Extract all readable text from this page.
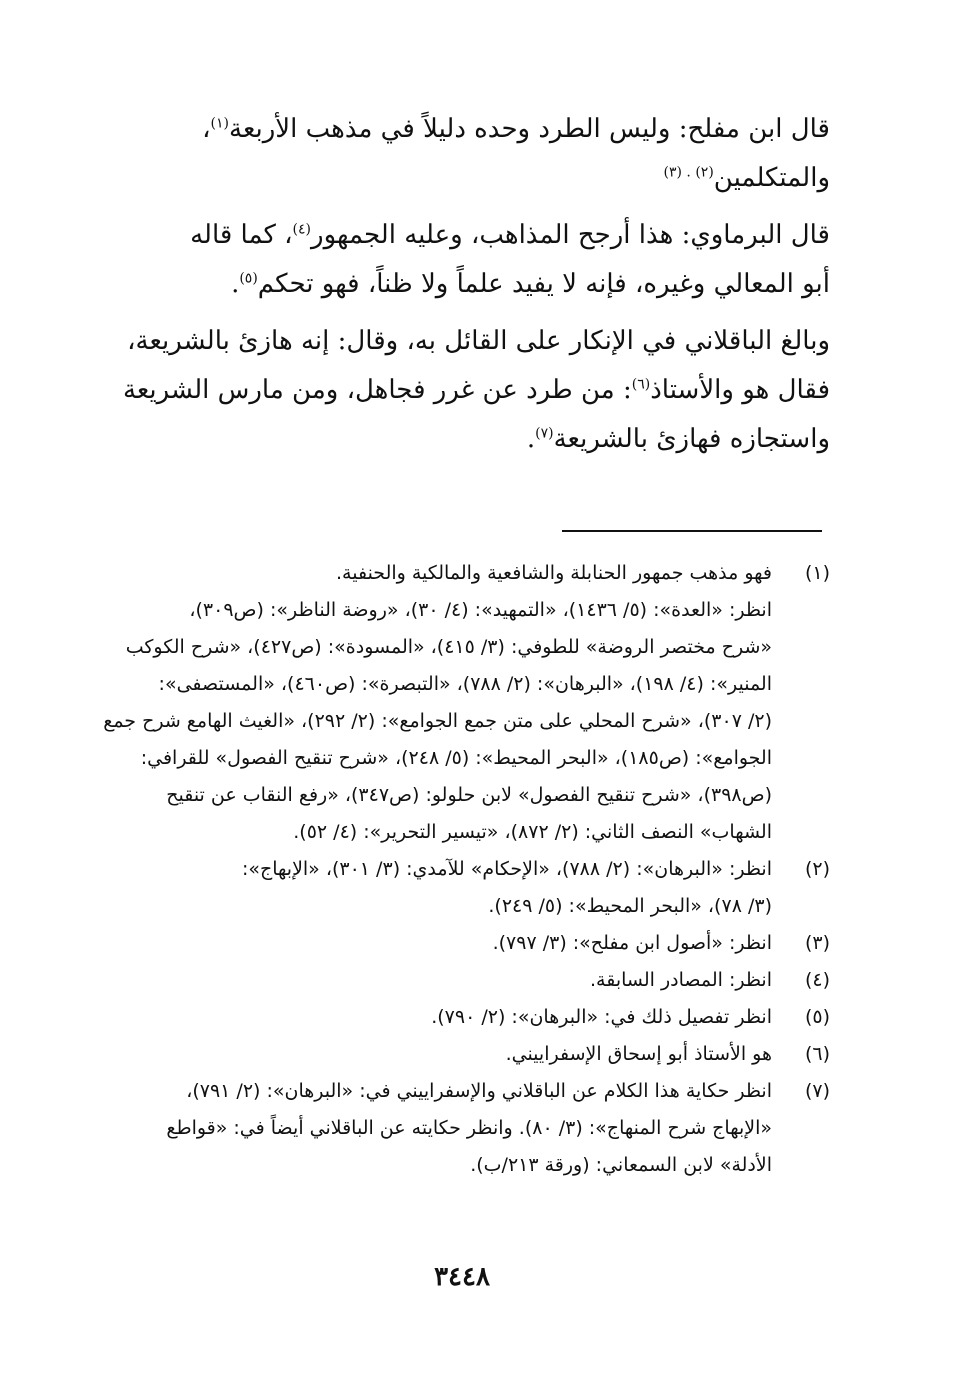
قال ابن مفلح: وليس الطرد وحده دليلاً في مذهب الأربعة$^{(١)}$،
والمتكلمين$^{(٢) . (٣)}$

قال البرماوي: هذا أرجح المذاهب، وعليه الجمهور$^{(٤)}$، كما قاله
أبو المعالي وغيره، فإنه لا يفيد علماً ولا ظناً، فهو تحكم$^{(٥)}$.

وبالغ الباقلاني في الإنكار على القائل به، وقال: إنه هازئ بالشريعة،
فقال هو والأستاذ$^{(٦)}$: من طرد عن غرر فجاهل، ومن مارس الشريعة
واستجازه فهازئ بالشريعة$^{(٧)}$.

(١)
فهو مذهب جمهور الحنابلة والشافعية والمالكية والحنفية.
انظر: «العدة»: (٥/ ١٤٣٦)، «التمهيد»: (٤/ ٣٠)، «روضة الناظر»: (ص٣٠٩)،
«شرح مختصر الروضة» للطوفي: (٣/ ٤١٥)، «المسودة»: (ص٤٢٧)، «شرح الكوكب
المنير»: (٤/ ١٩٨)، «البرهان»: (٢/ ٧٨٨)، «التبصرة»: (ص٤٦٠)، «المستصفى»:
(٢/ ٣٠٧)، «شرح المحلي على متن جمع الجوامع»: (٢/ ٢٩٢)، «الغيث الهامع شرح جمع
الجوامع»: (ص١٨٥)، «البحر المحيط»: (٥/ ٢٤٨)، «شرح تنقيح الفصول» للقرافي:
(ص٣٩٨)، «شرح تنقيح الفصول» لابن حلولو: (ص٣٤٧)، «رفع النقاب عن تنقيح
الشهاب» النصف الثاني: (٢/ ٨٧٢)، «تيسير التحرير»: (٤/ ٥٢).
(٢)
انظر: «البرهان»: (٢/ ٧٨٨)، «الإحكام» للآمدي: (٣/ ٣٠١)، «الإبهاج»:
(٣/ ٧٨)، «البحر المحيط»: (٥/ ٢٤٩).
(٣)
انظر: «أصول ابن مفلح»: (٣/ ٧٩٧).
(٤)
انظر: المصادر السابقة.
(٥)
انظر تفصيل ذلك في: «البرهان»: (٢/ ٧٩٠).
(٦)
هو الأستاذ أبو إسحاق الإسفراييني.
(٧)
انظر حكاية هذا الكلام عن الباقلاني والإسفراييني في: «البرهان»: (٢/ ٧٩١)،
«الإبهاج شرح المنهاج»: (٣/ ٨٠). وانظر حكايته عن الباقلاني أيضاً في: «قواطع
الأدلة» لابن السمعاني: (ورقة ٢١٣/ب).
٣٤٤٨
